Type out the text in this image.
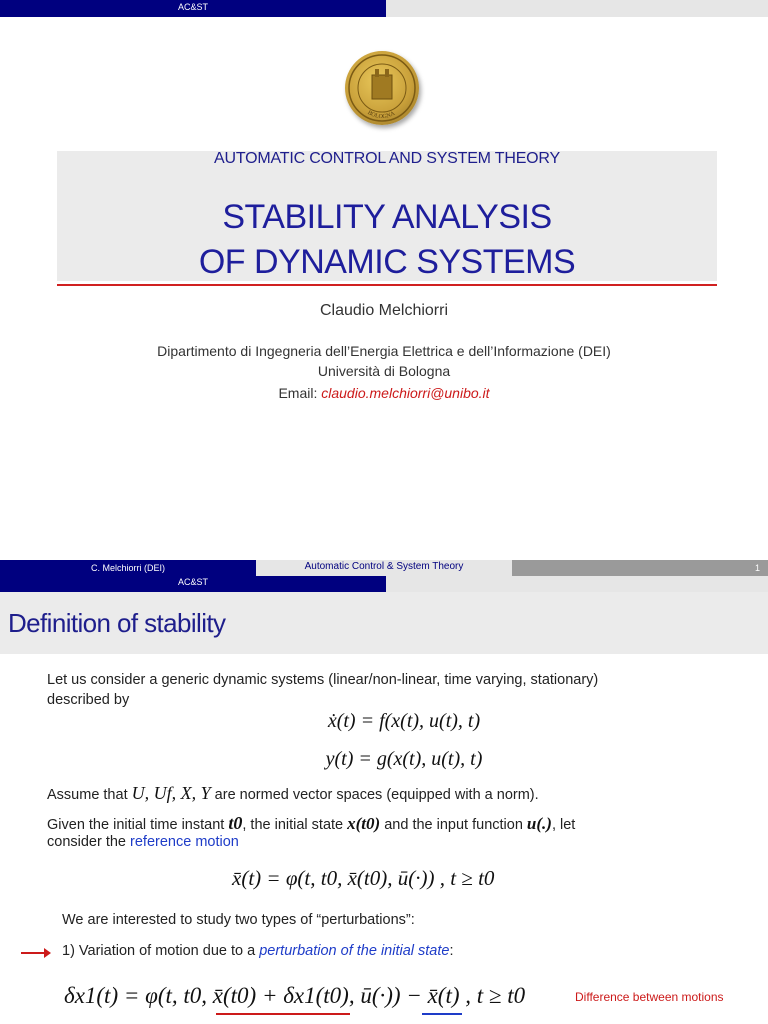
AC&ST
BOLOGNA
AUTOMATIC CONTROL AND SYSTEM THEORY
STABILITY ANALYSIS
OF DYNAMIC SYSTEMS
Claudio Melchiorri
Dipartimento di Ingegneria dell’Energia Elettrica e dell’Informazione (DEI)
Università di Bologna
Email: claudio.melchiorri@unibo.it
C. Melchiorri (DEI)	Automatic Control & System Theory	1
AC&ST
Definition of stability
Let us consider a generic dynamic systems (linear/non-linear, time varying, stationary)
described by
ẋ(t) = f(x(t), u(t), t)
y(t) = g(x(t), u(t), t)
Assume that U, Uf, X, Y are normed vector spaces (equipped with a norm).
Given the initial time instant t0, the initial state x(t0) and the input function u(.), let
consider the reference motion
x̄(t) = φ(t, t0, x̄(t0), ū(·)) , t ≥ t0
We are interested to study two types of “perturbations”:
1) Variation of motion due to a perturbation of the initial state:
δx1(t) = φ(t, t0, x̄(t0) + δx1(t0), ū(·)) − x̄(t) , t ≥ t0	Difference between motions
